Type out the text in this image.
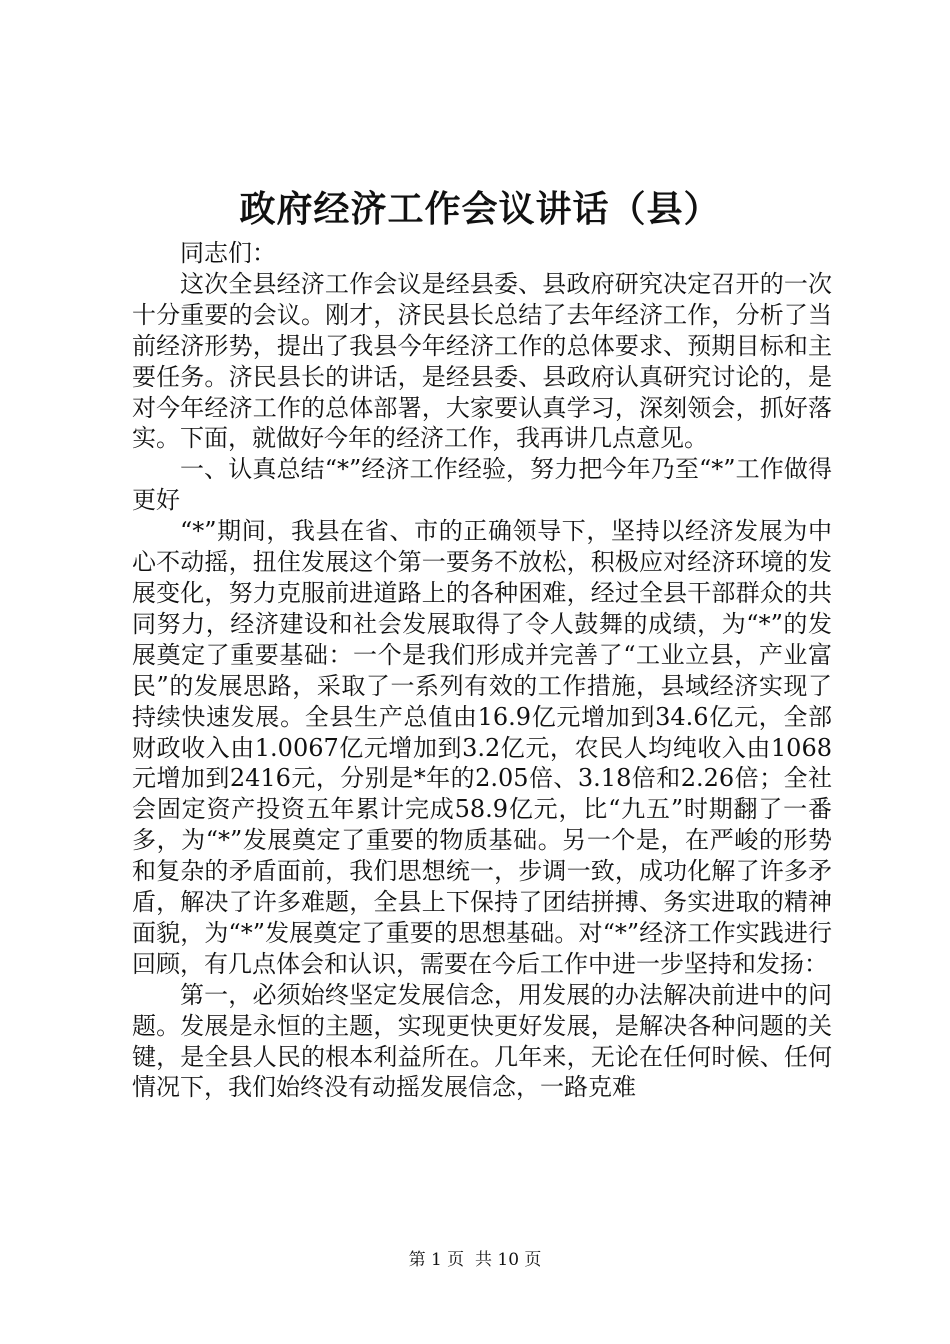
政府经济工作会议讲话（县）

同志们：

这次全县经济工作会议是经县委、县政府研究决定召开的一次十分重要的会议。刚才，济民县长总结了去年经济工作，分析了当前经济形势，提出了我县今年经济工作的总体要求、预期目标和主要任务。济民县长的讲话，是经县委、县政府认真研究讨论的，是对今年经济工作的总体部署，大家要认真学习，深刻领会，抓好落实。下面，就做好今年的经济工作，我再讲几点意见。

一、认真总结“*”经济工作经验，努力把今年乃至“*”工作做得更好

“*”期间，我县在省、市的正确领导下，坚持以经济发展为中心不动摇，扭住发展这个第一要务不放松，积极应对经济环境的发展变化，努力克服前进道路上的各种困难，经过全县干部群众的共同努力，经济建设和社会发展取得了令人鼓舞的成绩，为“*”的发展奠定了重要基础：一个是我们形成并完善了“工业立县，产业富民”的发展思路，采取了一系列有效的工作措施，县域经济实现了持续快速发展。全县生产总值由16.9亿元增加到34.6亿元，全部财政收入由1.0067亿元增加到3.2亿元，农民人均纯收入由1068元增加到2416元，分别是*年的2.05倍、3.18倍和2.26倍；全社会固定资产投资五年累计完成58.9亿元，比“九五”时期翻了一番多，为“*”发展奠定了重要的物质基础。另一个是，在严峻的形势和复杂的矛盾面前，我们思想统一，步调一致，成功化解了许多矛盾，解决了许多难题，全县上下保持了团结拼搏、务实进取的精神面貌，为“*”发展奠定了重要的思想基础。对“*”经济工作实践进行回顾，有几点体会和认识，需要在今后工作中进一步坚持和发扬：

第一，必须始终坚定发展信念，用发展的办法解决前进中的问题。发展是永恒的主题，实现更快更好发展，是解决各种问题的关键，是全县人民的根本利益所在。几年来，无论在任何时候、任何情况下，我们始终没有动摇发展信念，一路克难

第 1 页  共 10 页
